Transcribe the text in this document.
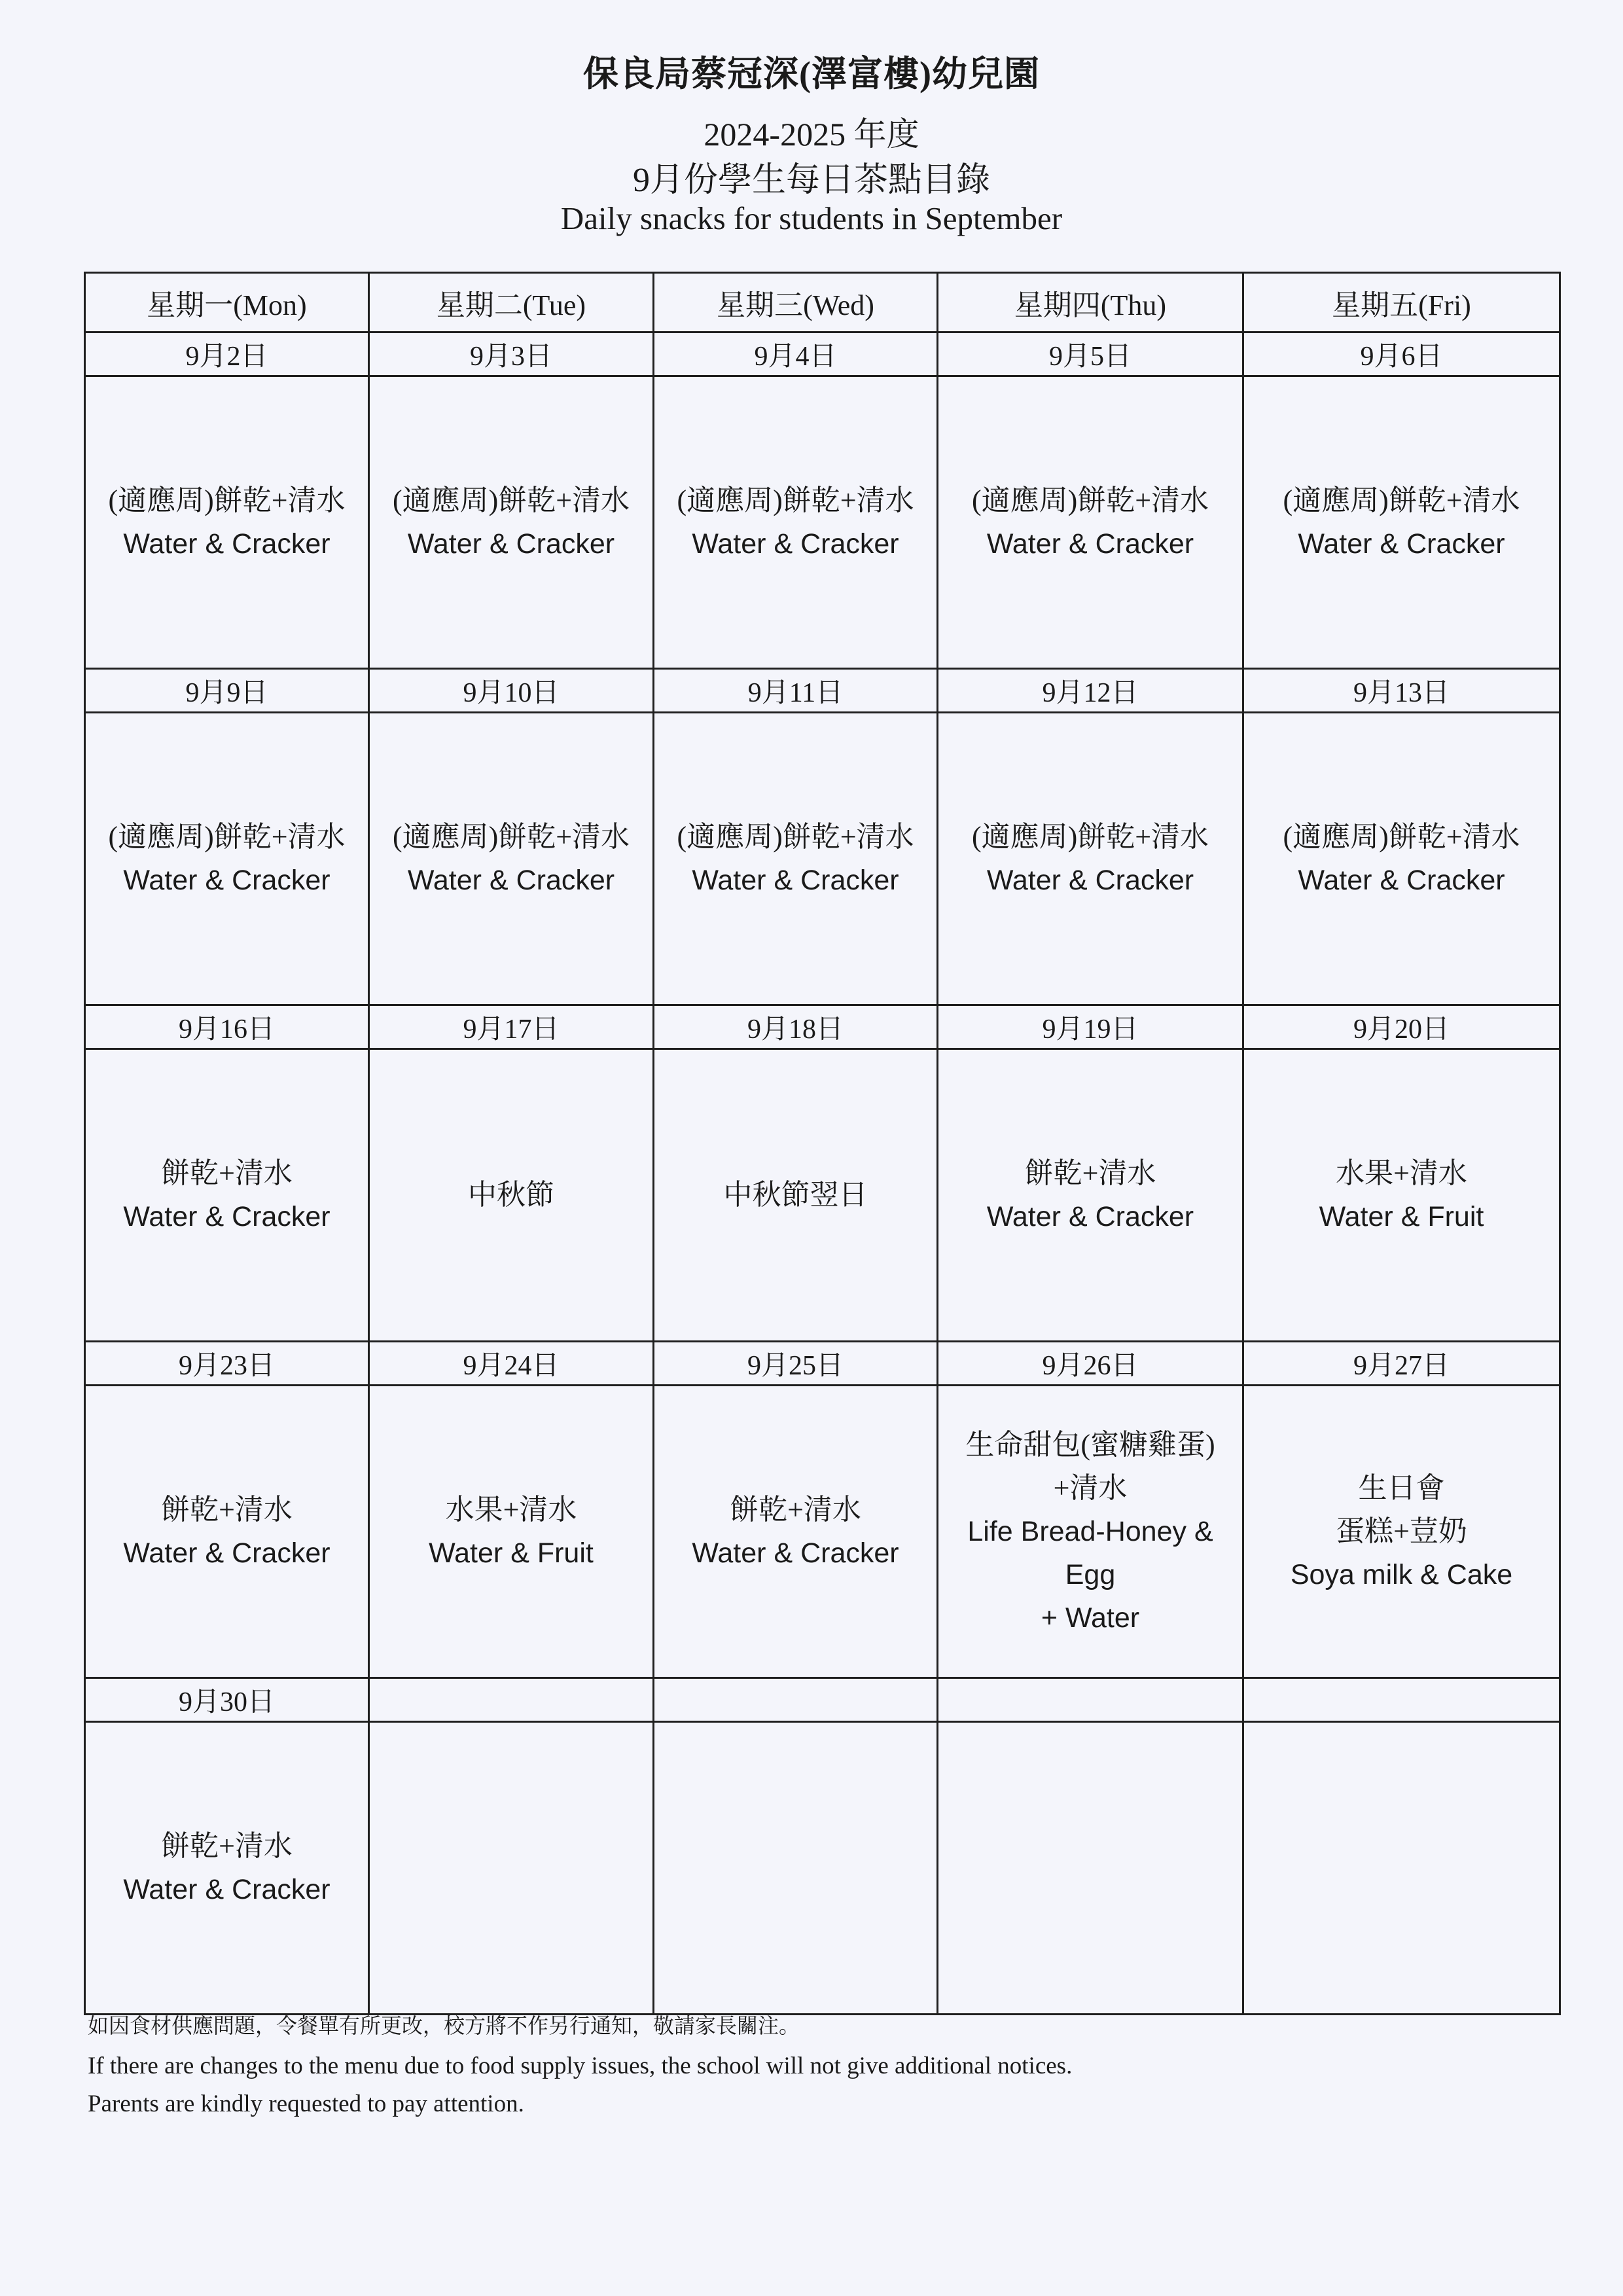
保良局蔡冠深(澤富樓)幼兒園
2024-2025 年度
9月份學生每日茶點目錄
Daily snacks for students in September
星期一(Mon)	星期二(Tue)	星期三(Wed)	星期四(Thu)	星期五(Fri)
9月2日	9月3日	9月4日	9月5日	9月6日

(適應周)餅乾+清水
Water & Cracker	(適應周)餅乾+清水
Water & Cracker	(適應周)餅乾+清水
Water & Cracker	(適應周)餅乾+清水
Water & Cracker	(適應周)餅乾+清水
Water & Cracker

9月9日	9月10日	9月11日	9月12日	9月13日

(適應周)餅乾+清水
Water & Cracker	(適應周)餅乾+清水
Water & Cracker	(適應周)餅乾+清水
Water & Cracker	(適應周)餅乾+清水
Water & Cracker	(適應周)餅乾+清水
Water & Cracker

9月16日	9月17日	9月18日	9月19日	9月20日

餅乾+清水
Water & Cracker	中秋節	中秋節翌日	餅乾+清水
Water & Cracker	水果+清水
Water & Fruit

9月23日	9月24日	9月25日	9月26日	9月27日

餅乾+清水
Water & Cracker	水果+清水
Water & Fruit	餅乾+清水
Water & Cracker	生命甜包(蜜糖雞蛋)
+清水
Life Bread-Honey &
Egg
+ Water	生日會
蛋糕+荳奶
Soya milk & Cake

9月30日				

餅乾+清水
Water & Cracker				

如因食材供應問題，令餐單有所更改，校方將不作另行通知，敬請家長關注。
If there are changes to the menu due to food supply issues, the school will not give additional notices.
Parents are kindly requested to pay attention.
